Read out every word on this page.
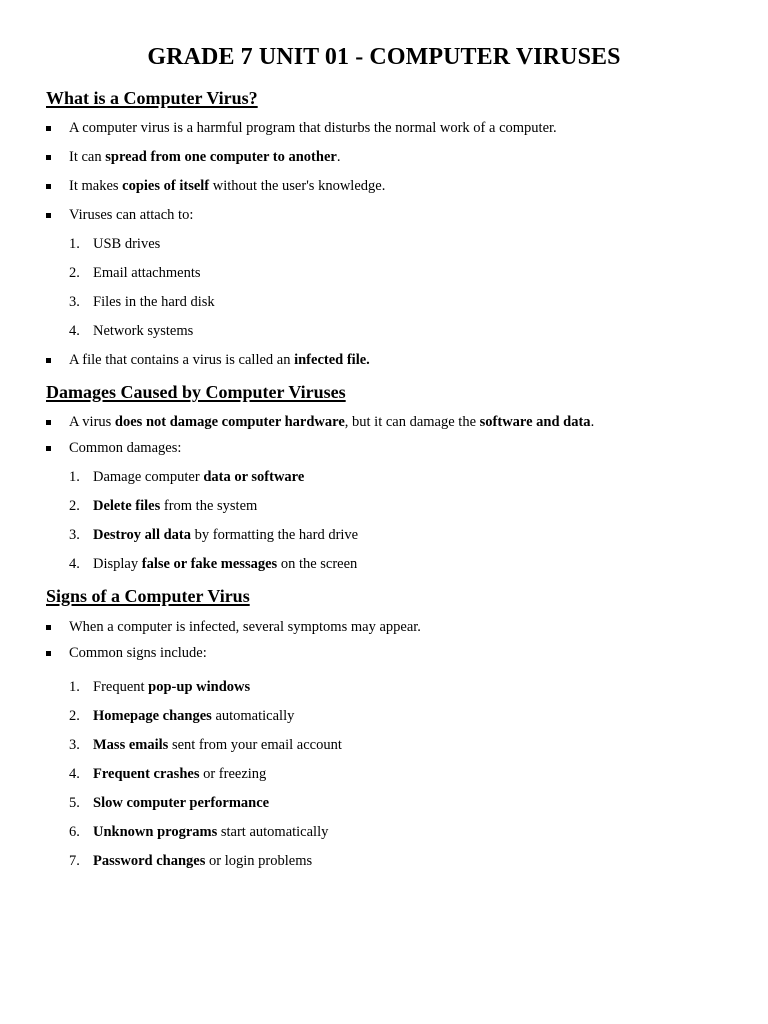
GRADE 7 UNIT 01 - COMPUTER VIRUSES
What is a Computer Virus?
A computer virus is a harmful program that disturbs the normal work of a computer.
It can spread from one computer to another.
It makes copies of itself without the user's knowledge.
Viruses can attach to:
1. USB drives
2. Email attachments
3. Files in the hard disk
4. Network systems
A file that contains a virus is called an infected file.
Damages Caused by Computer Viruses
A virus does not damage computer hardware, but it can damage the software and data.
Common damages:
1. Damage computer data or software
2. Delete files from the system
3. Destroy all data by formatting the hard drive
4. Display false or fake messages on the screen
Signs of a Computer Virus
When a computer is infected, several symptoms may appear.
Common signs include:
1. Frequent pop-up windows
2. Homepage changes automatically
3. Mass emails sent from your email account
4. Frequent crashes or freezing
5. Slow computer performance
6. Unknown programs start automatically
7. Password changes or login problems
